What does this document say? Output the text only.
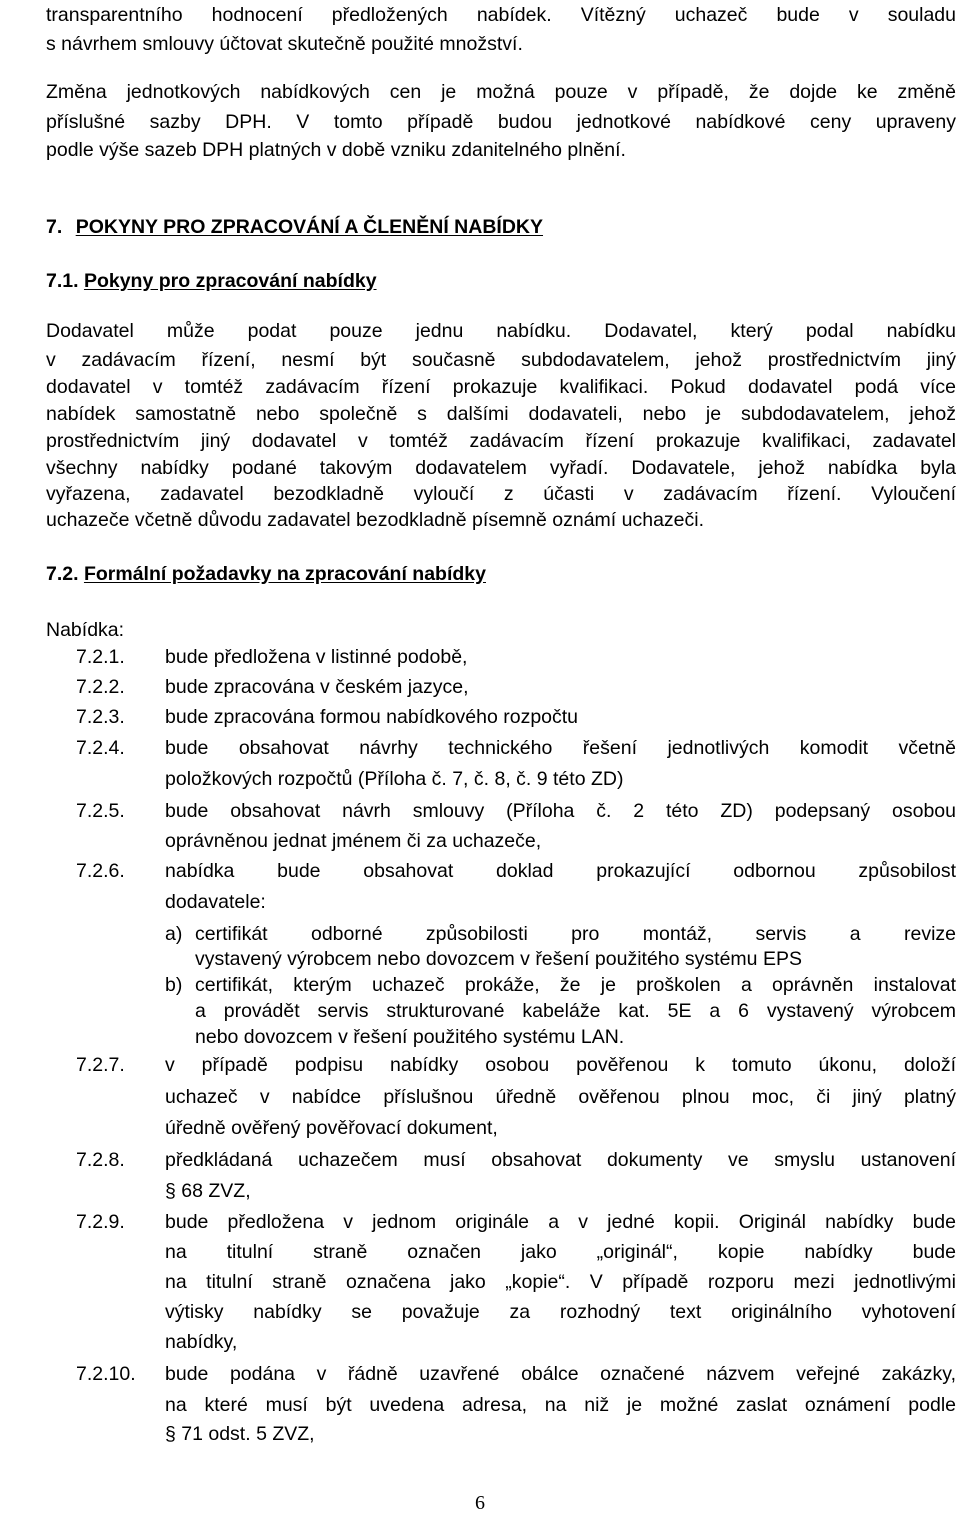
transparentního hodnocení předložených nabídek. Vítězný uchazeč bude v souladu
s návrhem smlouvy účtovat skutečně použité množství.
Změna jednotkových nabídkových cen je možná pouze v případě, že dojde ke změně
příslušné sazby DPH. V tomto případě budou jednotkové nabídkové ceny upraveny
podle výše sazeb DPH platných v době vzniku zdanitelného plnění.
7. POKYNY PRO ZPRACOVÁNÍ A ČLENĚNÍ NABÍDKY
7.1. Pokyny pro zpracování nabídky
Dodavatel může podat pouze jednu nabídku. Dodavatel, který podal nabídku
v zadávacím řízení, nesmí být současně subdodavatelem, jehož prostřednictvím jiný
dodavatel v tomtéž zadávacím řízení prokazuje kvalifikaci. Pokud dodavatel podá více
nabídek samostatně nebo společně s dalšími dodavateli, nebo je subdodavatelem, jehož
prostřednictvím jiný dodavatel v tomtéž zadávacím řízení prokazuje kvalifikaci, zadavatel
všechny nabídky podané takovým dodavatelem vyřadí. Dodavatele, jehož nabídka byla
vyřazena, zadavatel bezodkladně vyloučí z účasti v zadávacím řízení. Vyloučení
uchazeče včetně důvodu zadavatel bezodkladně písemně oznámí uchazeči.
7.2. Formální požadavky na zpracování nabídky
Nabídka:
7.2.1. bude předložena v listinné podobě,
7.2.2. bude zpracována v českém jazyce,
7.2.3. bude zpracována formou nabídkového rozpočtu
7.2.4. bude obsahovat návrhy technického řešení jednotlivých komodit včetně
položkových rozpočtů (Příloha č. 7, č. 8, č. 9 této ZD)
7.2.5. bude obsahovat návrh smlouvy (Příloha č. 2 této ZD) podepsaný osobou
oprávněnou jednat jménem či za uchazeče,
7.2.6. nabídka bude obsahovat doklad prokazující odbornou způsobilost
dodavatele:
a) certifikát odborné způsobilosti pro montáž, servis a revize
vystavený výrobcem nebo dovozcem v řešení použitého systému EPS
b) certifikát, kterým uchazeč prokáže, že je proškolen a oprávněn instalovat
a provádět servis strukturované kabeláže kat. 5E a 6 vystavený výrobcem
nebo dovozcem v řešení použitého systému LAN.
7.2.7. v případě podpisu nabídky osobou pověřenou k tomuto úkonu, doloží
uchazeč v nabídce příslušnou úředně ověřenou plnou moc, či jiný platný
úředně ověřený pověřovací dokument,
7.2.8. předkládaná uchazečem musí obsahovat dokumenty ve smyslu ustanovení
§ 68 ZVZ,
7.2.9. bude předložena v jednom originále a v jedné kopii. Originál nabídky bude
na titulní straně označen jako „originál“, kopie nabídky bude
na titulní straně označena jako „kopie“. V případě rozporu mezi jednotlivými
výtisky nabídky se považuje za rozhodný text originálního vyhotovení
nabídky,
7.2.10. bude podána v řádně uzavřené obálce označené názvem veřejné zakázky,
na které musí být uvedena adresa, na niž je možné zaslat oznámení podle
§ 71 odst. 5 ZVZ,
6
